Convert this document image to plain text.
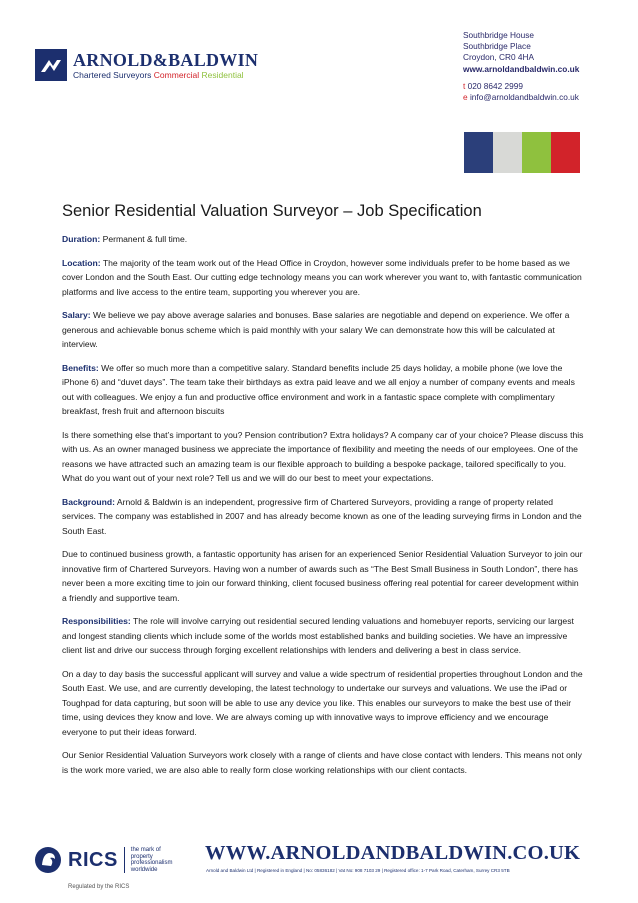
ARNOLD&BALDWIN
Chartered Surveyors Commercial Residential
Southbridge House
Southbridge Place
Croydon, CR0 4HA
www.arnoldandbaldwin.co.uk
t 020 8642 2999
e info@arnoldandbaldwin.co.uk
Senior Residential Valuation Surveyor – Job Specification

Duration: Permanent & full time.

Location: The majority of the team work out of the Head Office in Croydon, however some individuals prefer to be home based as we cover London and the South East. Our cutting edge technology means you can work wherever you want to, with fantastic communication platforms and live access to the entire team, supporting you wherever you are.

Salary: We believe we pay above average salaries and bonuses. Base salaries are negotiable and depend on experience. We offer a generous and achievable bonus scheme which is paid monthly with your salary We can demonstrate how this will be calculated at interview.

Benefits: We offer so much more than a competitive salary. Standard benefits include 25 days holiday, a mobile phone (we love the iPhone 6) and “duvet days”. The team take their birthdays as extra paid leave and we all enjoy a number of company events and meals out with colleagues. We enjoy a fun and productive office environment and work in a fantastic space complete with complimentary breakfast, fresh fruit and afternoon biscuits

Is there something else that’s important to you? Pension contribution? Extra holidays? A company car of your choice? Please discuss this with us. As an owner managed business we appreciate the importance of flexibility and meeting the needs of our employees. One of the reasons we have attracted such an amazing team is our flexible approach to building a bespoke package, tailored specifically to you. What do you want out of your next role? Tell us and we will do our best to meet your expectations.

Background: Arnold & Baldwin is an independent, progressive firm of Chartered Surveyors, providing a range of property related services. The company was established in 2007 and has already become known as one of the leading surveying firms in London and the South East.

Due to continued business growth, a fantastic opportunity has arisen for an experienced Senior Residential Valuation Surveyor to join our innovative firm of Chartered Surveyors. Having won a number of awards such as “The Best Small Business in South London”, there has never been a more exciting time to join our forward thinking, client focused business offering real potential for career development within a friendly and supportive team.

Responsibilities: The role will involve carrying out residential secured lending valuations and homebuyer reports, servicing our largest and longest standing clients which include some of the worlds most established banks and building societies. We have an impressive client list and drive our success through forging excellent relationships with lenders and delivering a best in class service.

On a day to day basis the successful applicant will survey and value a wide spectrum of residential properties throughout London and the South East. We use, and are currently developing, the latest technology to undertake our surveys and valuations. We use the iPad or Toughpad for data capturing, but soon will be able to use any device you like. This enables our surveyors to make the best use of their time, using devices they know and love. We are always coming up with innovative ways to improve efficiency and we encourage everyone to put their ideas forward.

Our Senior Residential Valuation Surveyors work closely with a range of clients and have close contact with lenders. This means not only is the work more varied, we are also able to really form close working relationships with our client contacts.

RICS the mark of
property
professionalism
worldwide
Regulated by the RICS
WWW.ARNOLDANDBALDWIN.CO.UK
Arnold and Baldwin Ltd | Registered in England | No: 05836182 | Vat No: 908 7103 29 | Registered office: 1-7 Park Road, Caterham, Surrey CR3 5TB
